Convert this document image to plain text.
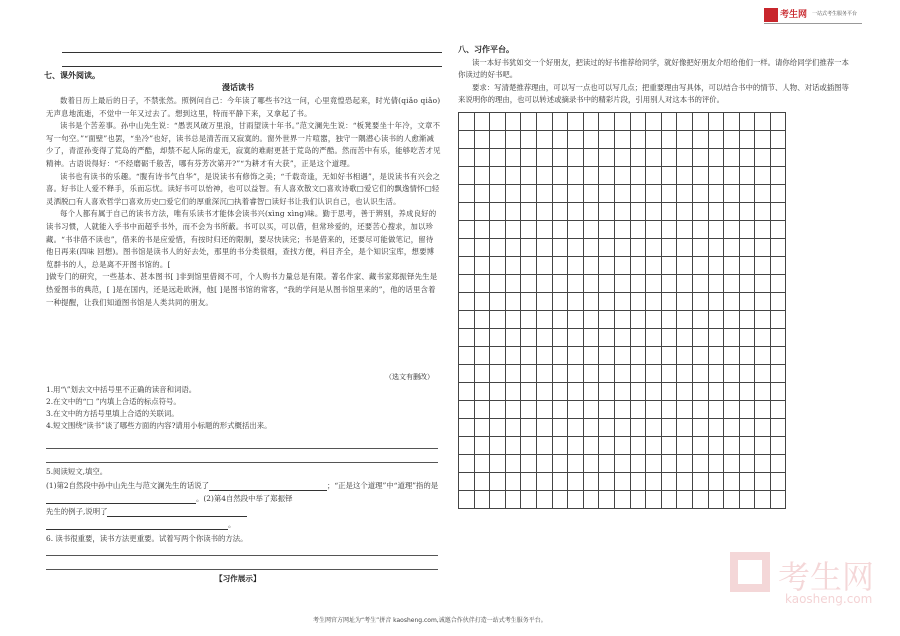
考生网 一站式考生服务平台
七、课外阅读。
漫话读书

数着日历上最后的日子，不禁张然。照例问自己：今年读了哪些书?这一问，心里竟惶恐起来，时光倩(qiǎo qiǎo)无声息地流逝，不觉中一年又过去了。想到这里，特而平静下来，又拿起了书。

读书是个苦差事。孙中山先生说：“愚衷风破万里浪，甘雨望读十年书。”范文澜先生说：“板凳要坐十年冷，文章不写一句空。”“面壁”也罢，“坐冷”也好，读书总是清苦而又寂寞的。窗外世界一片喧嚣，独守一隅潜心读书的人愈渐减少了，青涩孙变得了荒岛的严酷，却禁不起人际的虚无，寂寞的难耐更甚于荒岛的严酷。然而苦中有乐，能够吃苦才见精神。古语说得好：“不经磨砺千般苦，哪有芬芳次第开?”“为耕才有大获”，正是这个道理。

读书也有读书的乐趣。“腹有诗书气自华”，是说读书有修饰之美；“千载奇逢，无如好书相遇”，是说读书有兴会之喜。好书让人爱不释手，乐而忘忧。读好书可以怡神，也可以益智。有人喜欢散文□喜欢诗歌□爱它们的飘逸情怀□轻灵洒脱□有人喜欢哲学□喜欢历史□爱它们的厚重深沉□执着睿智□读好书让我们认识自己，也认识生活。

每个人都有属于自己的读书方法，唯有乐读书才能体会读书兴(xìng xìng)味。勤于思考，善于辨别，养成良好的读书习惯，人就能入乎书中而超乎书外，而不会为书所蔽。书可以买，可以借，但常珍爱的，还要苦心搜求，加以珍藏。“书非借不读也”，借来的书是应爱惜，有按时归还的限制，要尽快读完；书是借来的，还要尽可能做笔记，留待他日再来(四味 回想)。图书馆是读书人的好去处，那里的书分类很细，查找方便，科目齐全，是个知识宝库，想要博览群书的人，总是离不开图书馆的。[

]做专门的研究，一些基本、甚本图书[ ]非到馆里借阅不可，个人购书力量总是有限。著名作家、藏书家郑振铎先生是热爱图书的典范，[ ]是在国内，还是远赴欧洲，他[ ]是图书馆的常客，“我的学问是从图书馆里来的”，他的话里含着一种提醒，让我们知道图书馆是人类共同的朋友。

（选文有删改）
1.用“\”划去文中括号里不正确的读音和词语。
2.在文中的“□ ”内填上合适的标点符号。
3.在文中的方括号里填上合适的关联词。
4.短文围绕“读书”谈了哪些方面的内容?请用小标题的形式概括出来。
5.阅读短文,填空。
(1)第2自然段中孙中山先生与范文澜先生的话说了	；“正是这个道理”中“道理”指的是
。(2)第4自然段中举了郑振铎
先生的例子,说明了
。
6. 读书很重要，读书方法更重要。试着写两个你读书的方法。
【习作展示】
八、习作平台。
读一本好书犹如交一个好朋友，把读过的好书推荐给同学，就好像把好朋友介绍给他们一样。请你给同学们推荐一本你读过的好书吧。
要求：写清楚推荐理由，可以写一点也可以写几点；把重要理由写具体，可以结合书中的情节、人物、对话或插图等来说明你的理由，也可以转述或摘录书中的精彩片段，引用别人对这本书的评价。
考生网
kaosheng.com
考生网官方网址为“考生”拼音 kaosheng.com,诚邀合作伙伴打造一站式考生服务平台。
